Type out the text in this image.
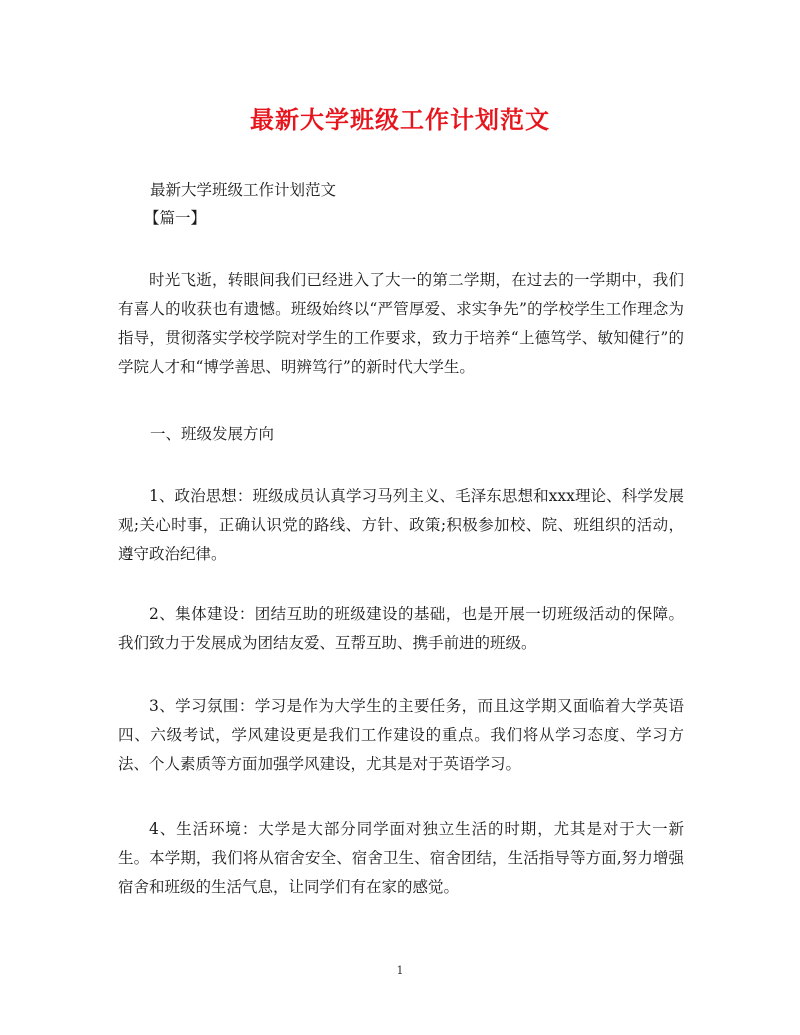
最新大学班级工作计划范文

最新大学班级工作计划范文

【篇一】

时光飞逝，转眼间我们已经进入了大一的第二学期，在过去的一学期中，我们有喜人的收获也有遗憾。班级始终以“严管厚爱、求实争先”的学校学生工作理念为指导，贯彻落实学校学院对学生的工作要求，致力于培养“上德笃学、敏知健行”的学院人才和“博学善思、明辨笃行”的新时代大学生。

一、班级发展方向

1、政治思想：班级成员认真学习马列主义、毛泽东思想和xxx理论、科学发展观;关心时事，正确认识党的路线、方针、政策;积极参加校、院、班组织的活动，遵守政治纪律。

2、集体建设：团结互助的班级建设的基础，也是开展一切班级活动的保障。我们致力于发展成为团结友爱、互帮互助、携手前进的班级。

3、学习氛围：学习是作为大学生的主要任务，而且这学期又面临着大学英语四、六级考试，学风建设更是我们工作建设的重点。我们将从学习态度、学习方法、个人素质等方面加强学风建设，尤其是对于英语学习。

4、生活环境：大学是大部分同学面对独立生活的时期，尤其是对于大一新生。本学期，我们将从宿舍安全、宿舍卫生、宿舍团结，生活指导等方面,努力增强宿舍和班级的生活气息，让同学们有在家的感觉。

1
